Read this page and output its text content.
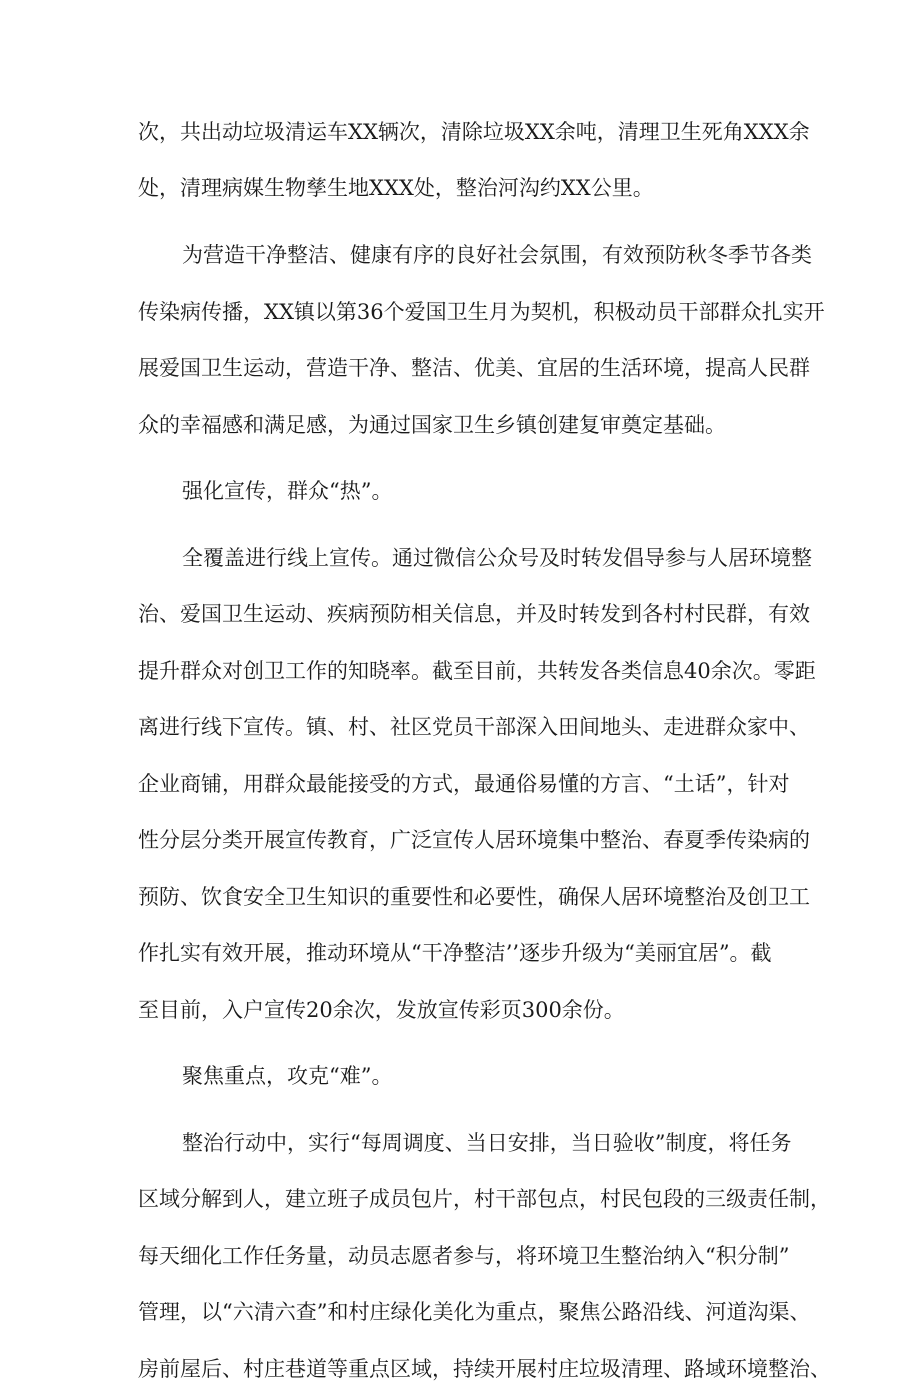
次，共出动垃圾清运车XX辆次，清除垃圾XX余吨，清理卫生死角XXX余
处，清理病媒生物孳生地XXX处，整治河沟约XX公里。
为营造干净整洁、健康有序的良好社会氛围，有效预防秋冬季节各类
传染病传播，XX镇以第36个爱国卫生月为契机，积极动员干部群众扎实开
展爱国卫生运动，营造干净、整洁、优美、宜居的生活环境，提高人民群
众的幸福感和满足感，为通过国家卫生乡镇创建复审奠定基础。
强化宣传，群众“热”。
全覆盖进行线上宣传。通过微信公众号及时转发倡导参与人居环境整
治、爱国卫生运动、疾病预防相关信息，并及时转发到各村村民群，有效
提升群众对创卫工作的知晓率。截至目前，共转发各类信息40余次。零距
离进行线下宣传。镇、村、社区党员干部深入田间地头、走进群众家中、
企业商铺，用群众最能接受的方式，最通俗易懂的方言、“土话”，针对
性分层分类开展宣传教育，广泛宣传人居环境集中整治、春夏季传染病的
预防、饮食安全卫生知识的重要性和必要性，确保人居环境整治及创卫工
作扎实有效开展，推动环境从“干净整洁’’逐步升级为“美丽宜居”。截
至目前，入户宣传20余次，发放宣传彩页300余份。
聚焦重点，攻克“难”。
整治行动中，实行“每周调度、当日安排，当日验收”制度，将任务
区域分解到人，建立班子成员包片，村干部包点，村民包段的三级责任制，
每天细化工作任务量，动员志愿者参与，将环境卫生整治纳入“积分制”
管理，以“六清六查”和村庄绿化美化为重点，聚焦公路沿线、河道沟渠、
房前屋后、村庄巷道等重点区域，持续开展村庄垃圾清理、路域环境整治、
